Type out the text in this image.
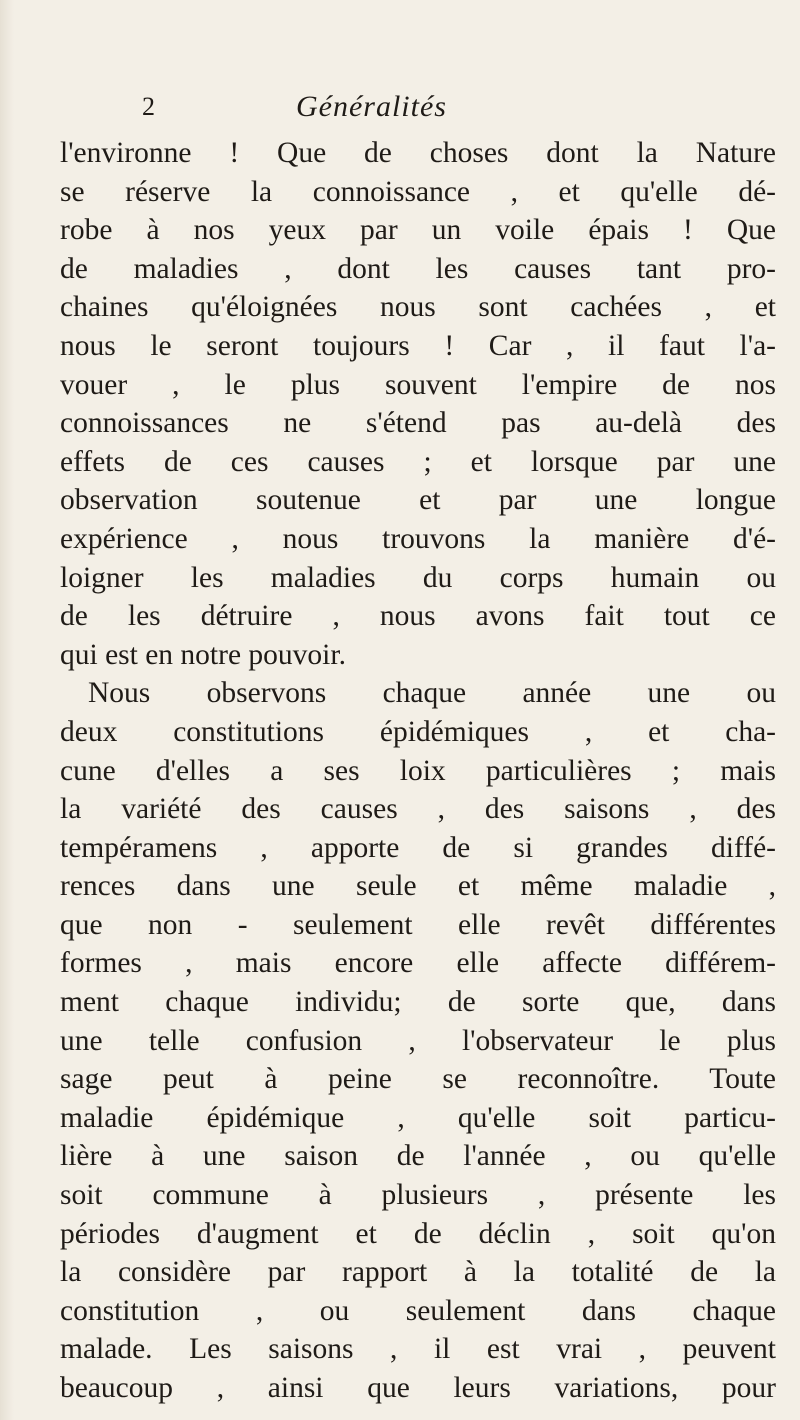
2	Généralités
l'environne ! Que de choses dont la Nature
se réserve la connoissance , et qu'elle dé-
robe à nos yeux par un voile épais ! Que
de maladies , dont les causes tant pro-
chaines qu'éloignées nous sont cachées , et
nous le seront toujours ! Car , il faut l'a-
vouer , le plus souvent l'empire de nos
connoissances ne s'étend pas au-delà des
effets de ces causes ; et lorsque par une
observation soutenue et par une longue
expérience , nous trouvons la manière d'é-
loigner les maladies du corps humain ou
de les détruire , nous avons fait tout ce
qui est en notre pouvoir.
Nous observons chaque année une ou
deux constitutions épidémiques , et cha-
cune d'elles a ses loix particulières ; mais
la variété des causes , des saisons , des
tempéramens , apporte de si grandes diffé-
rences dans une seule et même maladie ,
que non - seulement elle revêt différentes
formes , mais encore elle affecte différem-
ment chaque individu; de sorte que, dans
une telle confusion , l'observateur le plus
sage peut à peine se reconnoître. Toute
maladie épidémique , qu'elle soit particu-
lière à une saison de l'année , ou qu'elle
soit commune à plusieurs , présente les
périodes d'augment et de déclin , soit qu'on
la considère par rapport à la totalité de la
constitution , ou seulement dans chaque
malade. Les saisons , il est vrai , peuvent
beaucoup , ainsi que leurs variations, pour
